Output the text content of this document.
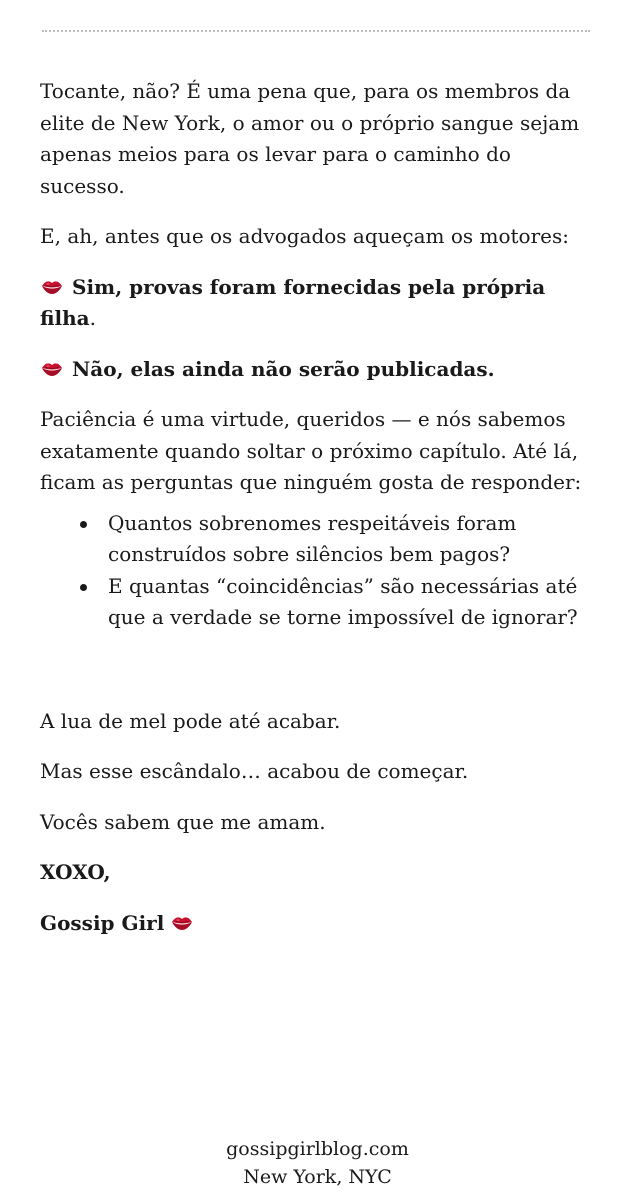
Tocante, não? É uma pena que, para os membros da elite de New York, o amor ou o próprio sangue sejam apenas meios para os levar para o caminho do sucesso.

E, ah, antes que os advogados aqueçam os motores:

Sim, provas foram fornecidas pela própria filha.

Não, elas ainda não serão publicadas.

Paciência é uma virtude, queridos — e nós sabemos exatamente quando soltar o próximo capítulo. Até lá, ficam as perguntas que ninguém gosta de responder:

Quantos sobrenomes respeitáveis foram construídos sobre silêncios bem pagos?
E quantas “coincidências” são necessárias até que a verdade se torne impossível de ignorar?

A lua de mel pode até acabar.

Mas esse escândalo… acabou de começar.

Vocês sabem que me amam.

XOXO,

Gossip Girl

gossipgirlblog.com
New York, NYC
